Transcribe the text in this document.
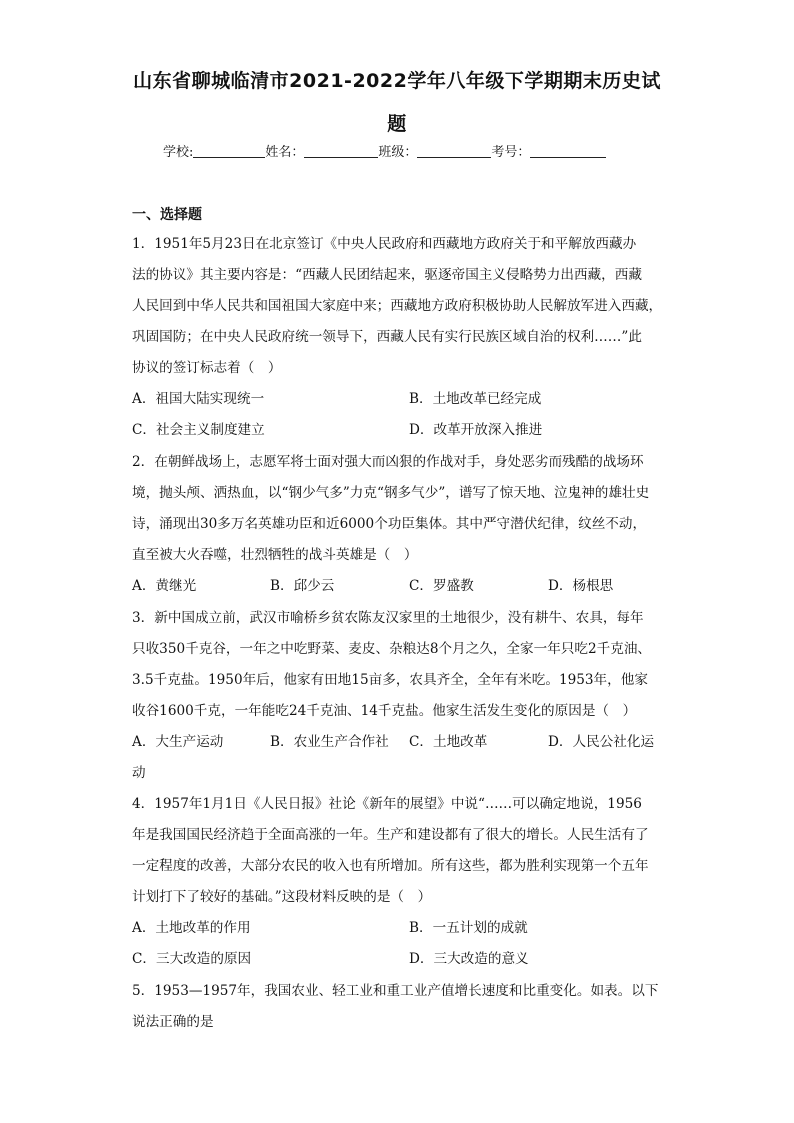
山东省聊城临清市2021-2022学年八年级下学期期末历史试
题
学校:	姓名：	班级：	考号：
一、选择题

1．1951年5月23日在北京签订《中央人民政府和西藏地方政府关于和平解放西藏办

法的协议》其主要内容是：“西藏人民团结起来，驱逐帝国主义侵略势力出西藏，西藏

人民回到中华人民共和国祖国大家庭中来；西藏地方政府积极协助人民解放军进入西藏，

巩固国防；在中央人民政府统一领导下，西藏人民有实行民族区域自治的权利……”此

协议的签订标志着（　）

A．祖国大陆实现统一	B．土地改革已经完成
C．社会主义制度建立	D．改革开放深入推进

2．在朝鲜战场上，志愿军将士面对强大而凶狠的作战对手，身处恶劣而残酷的战场环

境，抛头颅、洒热血，以“钢少气多”力克“钢多气少”，谱写了惊天地、泣鬼神的雄壮史

诗，涌现出30多万名英雄功臣和近6000个功臣集体。其中严守潜伏纪律，纹丝不动，

直至被大火吞噬，壮烈牺牲的战斗英雄是（　）

A．黄继光	B．邱少云	C．罗盛教	D．杨根思

3．新中国成立前，武汉市喻桥乡贫农陈友汉家里的土地很少，没有耕牛、农具，每年

只收350千克谷，一年之中吃野菜、麦皮、杂粮达8个月之久，全家一年只吃2千克油、

3.5千克盐。1950年后，他家有田地15亩多，农具齐全，全年有米吃。1953年，他家

收谷1600千克，一年能吃24千克油、14千克盐。他家生活发生变化的原因是（　）

A．大生产运动	B．农业生产合作社 C．土地改革	D．人民公社化运
动

4．1957年1月1日《人民日报》社论《新年的展望》中说“……可以确定地说，1956

年是我国国民经济趋于全面高涨的一年。生产和建设都有了很大的增长。人民生活有了

一定程度的改善，大部分农民的收入也有所增加。所有这些，都为胜利实现第一个五年

计划打下了较好的基础。”这段材料反映的是（　）

A．土地改革的作用	B．一五计划的成就
C．三大改造的原因	D．三大改造的意义

5．1953—1957年，我国农业、轻工业和重工业产值增长速度和比重变化。如表。以下

说法正确的是
